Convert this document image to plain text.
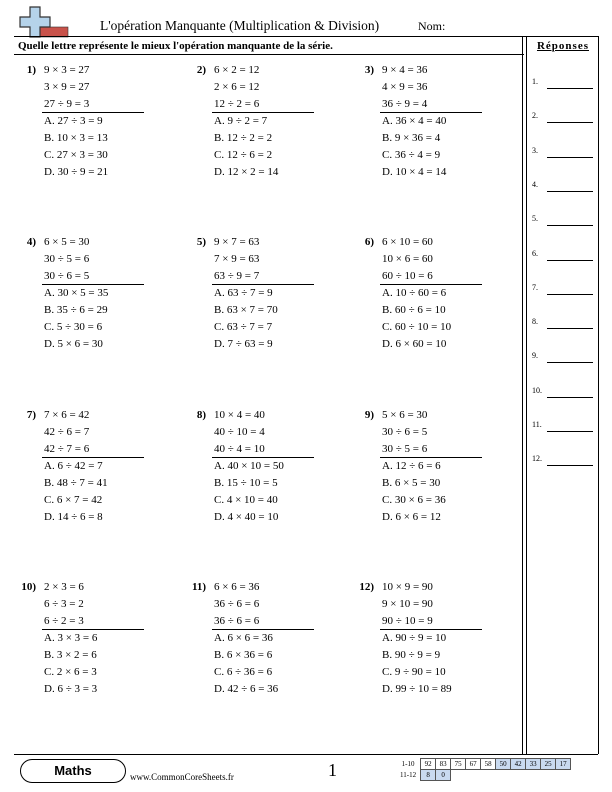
L'opération Manquante (Multiplication & Division)	Nom:
Quelle lettre représente le mieux l'opération manquante de la série.
1) 9 × 3 = 27
3 × 9 = 27
27 ÷ 9 = 3
A. 27 ÷ 3 = 9
B. 10 × 3 = 13
C. 27 × 3 = 30
D. 30 ÷ 9 = 21
2) 6 × 2 = 12
2 × 6 = 12
12 ÷ 2 = 6
A. 9 ÷ 2 = 7
B. 12 ÷ 2 = 2
C. 12 ÷ 6 = 2
D. 12 × 2 = 14
3) 9 × 4 = 36
4 × 9 = 36
36 ÷ 9 = 4
A. 36 × 4 = 40
B. 9 × 36 = 4
C. 36 ÷ 4 = 9
D. 10 × 4 = 14
4) 6 × 5 = 30
30 ÷ 5 = 6
30 ÷ 6 = 5
A. 30 × 5 = 35
B. 35 ÷ 6 = 29
C. 5 ÷ 30 = 6
D. 5 × 6 = 30
5) 9 × 7 = 63
7 × 9 = 63
63 ÷ 9 = 7
A. 63 ÷ 7 = 9
B. 63 × 7 = 70
C. 63 ÷ 7 = 7
D. 7 ÷ 63 = 9
6) 6 × 10 = 60
10 × 6 = 60
60 ÷ 10 = 6
A. 10 ÷ 60 = 6
B. 60 ÷ 6 = 10
C. 60 ÷ 10 = 10
D. 6 × 60 = 10
7) 7 × 6 = 42
42 ÷ 6 = 7
42 ÷ 7 = 6
A. 6 ÷ 42 = 7
B. 48 ÷ 7 = 41
C. 6 × 7 = 42
D. 14 ÷ 6 = 8
8) 10 × 4 = 40
40 ÷ 10 = 4
40 ÷ 4 = 10
A. 40 × 10 = 50
B. 15 ÷ 10 = 5
C. 4 × 10 = 40
D. 4 × 40 = 10
9) 5 × 6 = 30
30 ÷ 6 = 5
30 ÷ 5 = 6
A. 12 ÷ 6 = 6
B. 6 × 5 = 30
C. 30 × 6 = 36
D. 6 × 6 = 12
10) 2 × 3 = 6
6 ÷ 3 = 2
6 ÷ 2 = 3
A. 3 × 3 = 6
B. 3 × 2 = 6
C. 2 × 6 = 3
D. 6 ÷ 3 = 3
11) 6 × 6 = 36
36 ÷ 6 = 6
36 ÷ 6 = 6
A. 6 × 6 = 36
B. 6 × 36 = 6
C. 6 ÷ 36 = 6
D. 42 ÷ 6 = 36
12) 10 × 9 = 90
9 × 10 = 90
90 ÷ 10 = 9
A. 90 ÷ 9 = 10
B. 90 ÷ 9 = 9
C. 9 ÷ 90 = 10
D. 99 ÷ 10 = 89
Réponses
1.
2.
3.
4.
5.
6.
7.
8.
9.
10.
11.
12.
Maths	www.CommonCoreSheets.fr	1	1-10	92	83	75	67	58	50	42	33	25	17
11-12	8	0								
